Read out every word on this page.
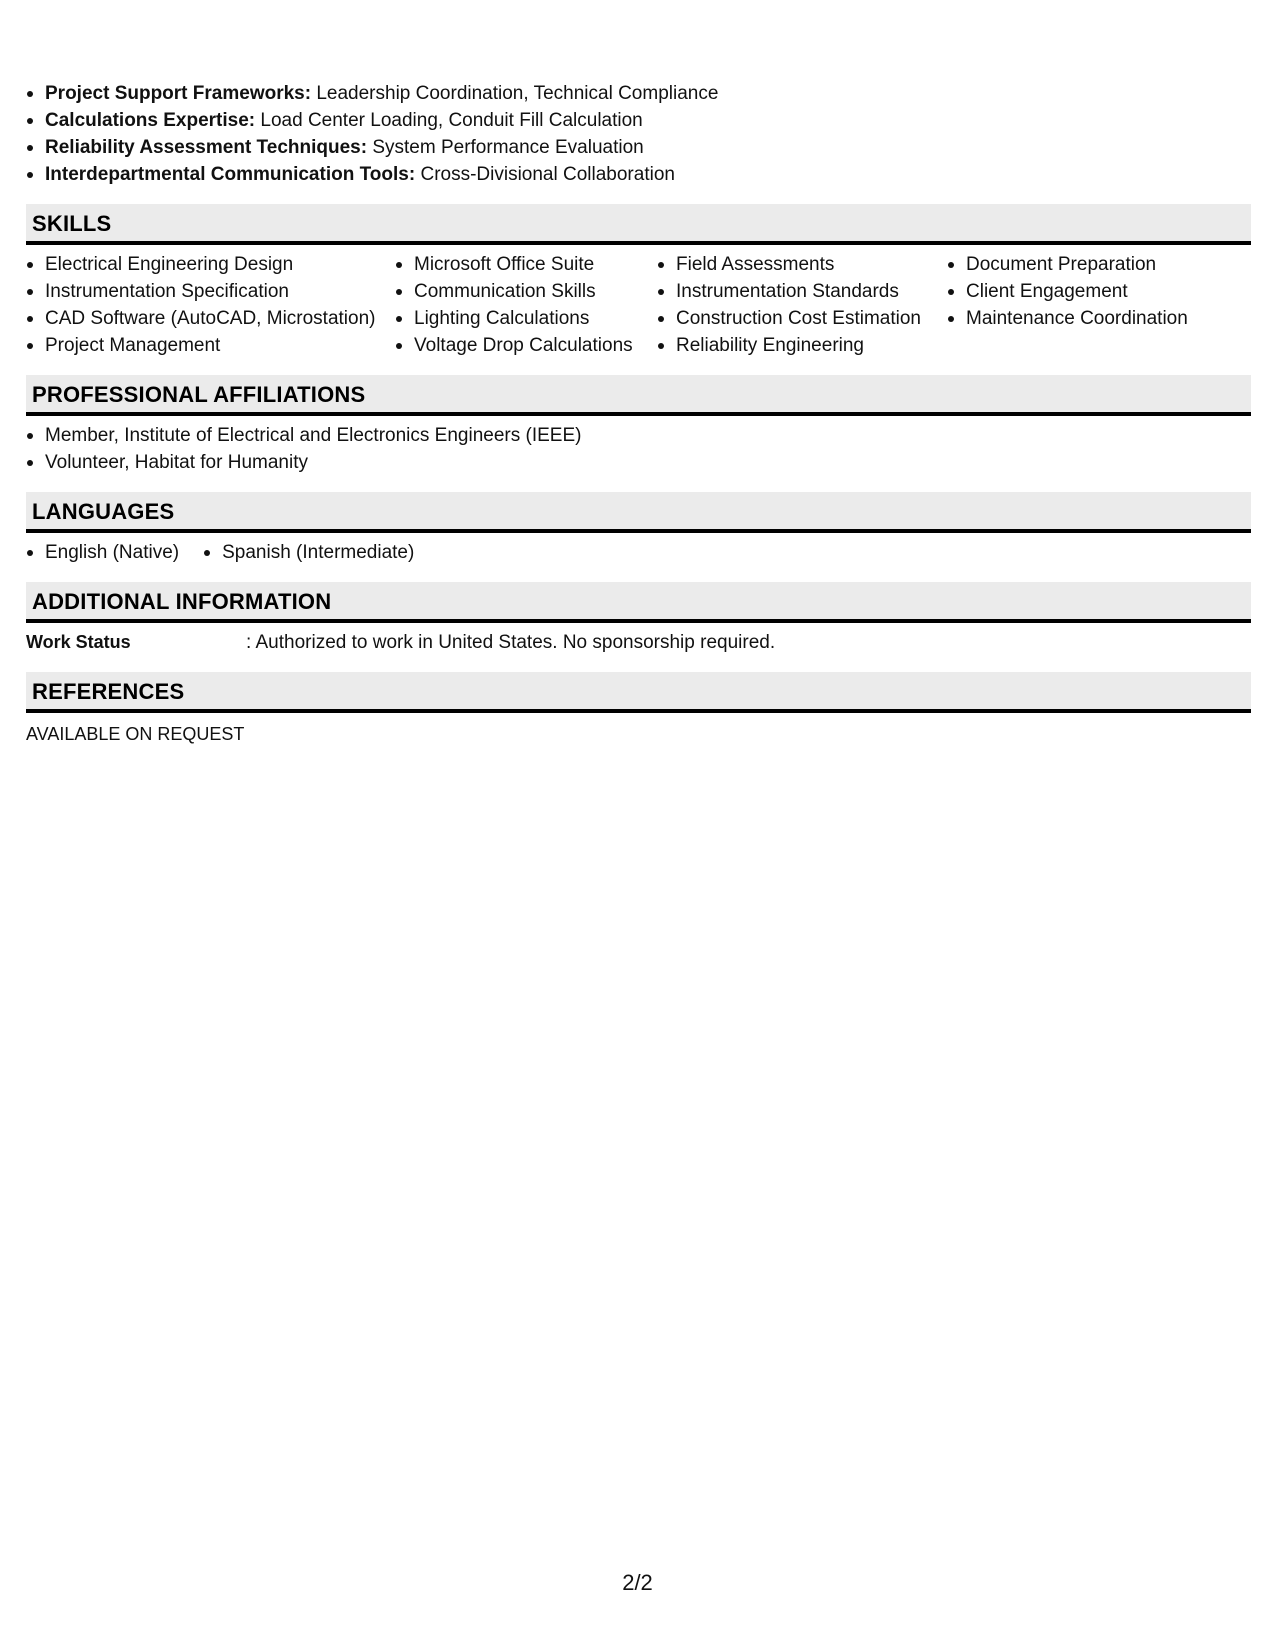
Project Support Frameworks: Leadership Coordination, Technical Compliance
Calculations Expertise: Load Center Loading, Conduit Fill Calculation
Reliability Assessment Techniques: System Performance Evaluation
Interdepartmental Communication Tools: Cross-Divisional Collaboration
SKILLS
Electrical Engineering Design
Instrumentation Specification
CAD Software (AutoCAD, Microstation)
Project Management
Microsoft Office Suite
Communication Skills
Lighting Calculations
Voltage Drop Calculations
Field Assessments
Instrumentation Standards
Construction Cost Estimation
Reliability Engineering
Document Preparation
Client Engagement
Maintenance Coordination
PROFESSIONAL AFFILIATIONS
Member, Institute of Electrical and Electronics Engineers (IEEE)
Volunteer, Habitat for Humanity
LANGUAGES
English (Native)	Spanish (Intermediate)
ADDITIONAL INFORMATION
Work Status	: Authorized to work in United States. No sponsorship required.
REFERENCES
AVAILABLE ON REQUEST
2/2
